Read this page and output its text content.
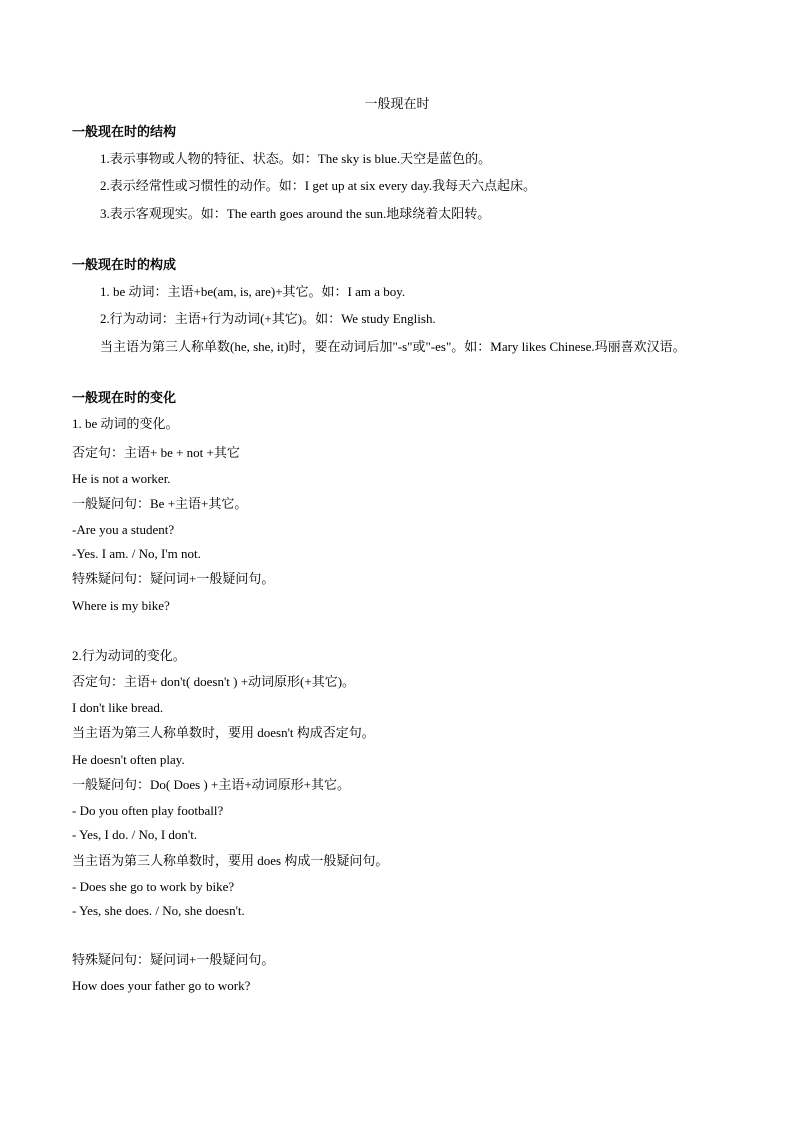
一般现在时
一般现在时的结构
1.表示事物或人物的特征、状态。如：The sky is blue.天空是蓝色的。
2.表示经常性或习惯性的动作。如：I get up at six every day.我每天六点起床。
3.表示客观现实。如：The earth goes around the sun.地球绕着太阳转。
一般现在时的构成
1. be 动词：主语+be(am, is, are)+其它。如：I am a boy.
2.行为动词：主语+行为动词(+其它)。如：We study English.
当主语为第三人称单数(he, she, it)时，要在动词后加"-s"或"-es"。如：Mary likes Chinese.玛丽喜欢汉语。
一般现在时的变化
1. be 动词的变化。
否定句：主语+ be + not +其它
He is not a worker.
一般疑问句：Be +主语+其它。
-Are you a student?
-Yes. I am. / No, I'm not.
特殊疑问句：疑问词+一般疑问句。
Where is my bike?
2.行为动词的变化。
否定句：主语+ don't( doesn't ) +动词原形(+其它)。
I don't like bread.
当主语为第三人称单数时，要用 doesn't 构成否定句。
He doesn't often play.
一般疑问句：Do( Does ) +主语+动词原形+其它。
- Do you often play football?
- Yes, I do. / No, I don't.
当主语为第三人称单数时，要用 does 构成一般疑问句。
- Does she go to work by bike?
- Yes, she does. / No, she doesn't.
特殊疑问句：疑问词+一般疑问句。
How does your father go to work?
